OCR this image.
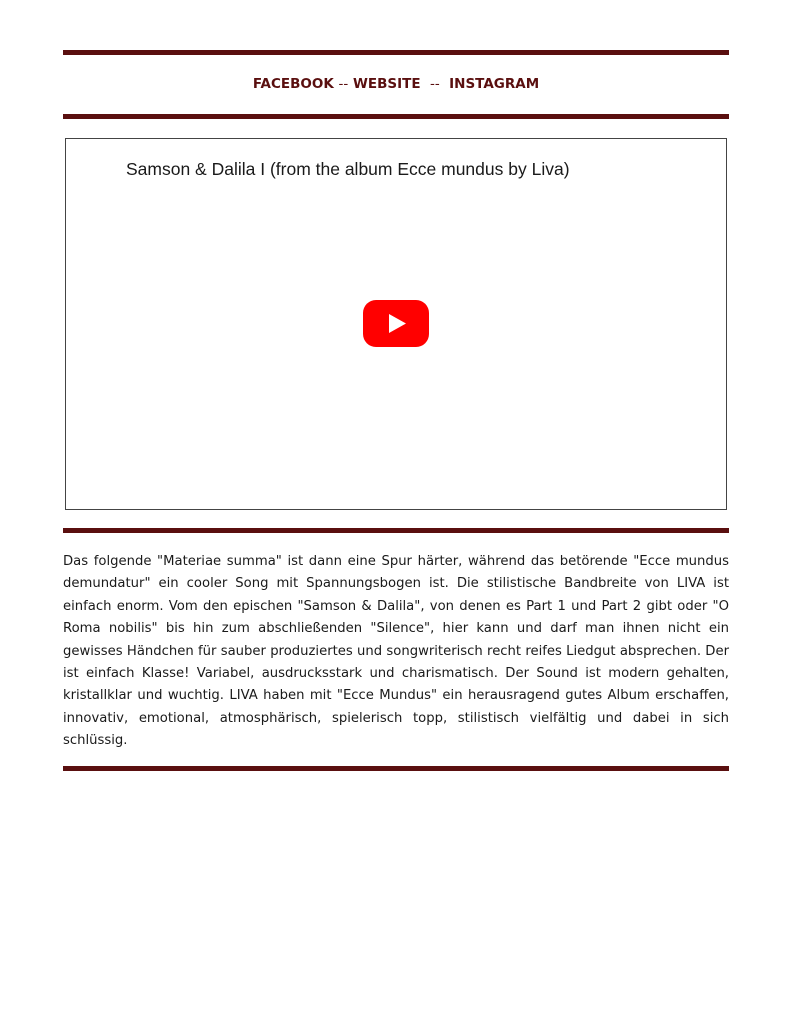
FACEBOOK -- WEBSITE -- INSTAGRAM
Samson & Dalila I (from the album Ecce mundus by Liva)

Das folgende "Materiae summa" ist dann eine Spur härter, während das betörende "Ecce mundus demundatur" ein cooler Song mit Spannungsbogen ist. Die stilistische Bandbreite von LIVA ist einfach enorm. Vom den epischen "Samson & Dalila", von denen es Part 1 und Part 2 gibt oder "O Roma nobilis" bis hin zum abschließenden "Silence", hier kann und darf man ihnen nicht ein gewisses Händchen für sauber produziertes und songwriterisch recht reifes Liedgut absprechen. Der ist einfach Klasse! Variabel, ausdrucksstark und charismatisch. Der Sound ist modern gehalten, kristallklar und wuchtig. LIVA haben mit "Ecce Mundus" ein herausragend gutes Album erschaffen, innovativ, emotional, atmosphärisch, spielerisch topp, stilistisch vielfältig und dabei in sich schlüssig.
